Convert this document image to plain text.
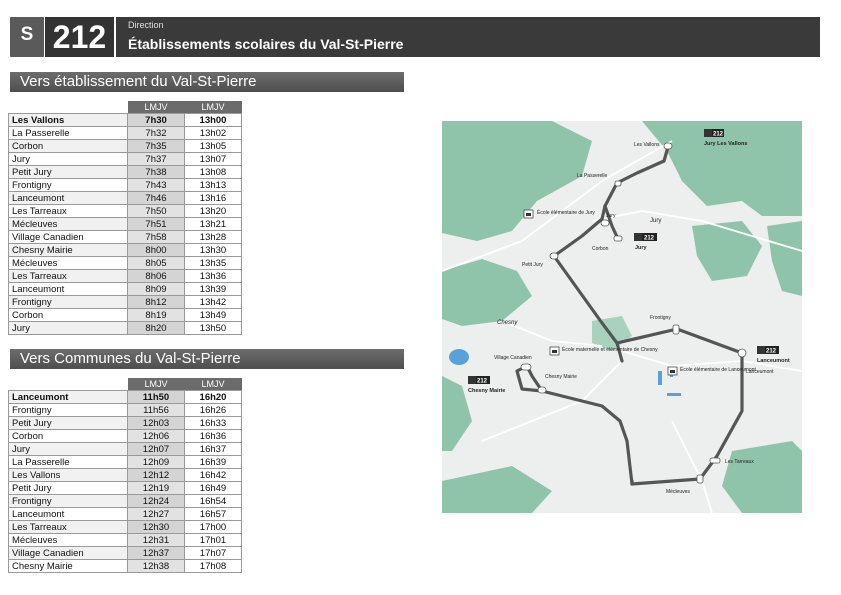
S 212	Direction
Établissements scolaires du Val-St-Pierre
Vers établissement du Val-St-Pierre
	LMJV	LMJV
Les Vallons	7h30	13h00
La Passerelle	7h32	13h02
Corbon	7h35	13h05
Jury	7h37	13h07
Petit Jury	7h38	13h08
Frontigny	7h43	13h13
Lanceumont	7h46	13h16
Les Tarreaux	7h50	13h20
Mécleuves	7h51	13h21
Village Canadien	7h58	13h28
Chesny Mairie	8h00	13h30
Mécleuves	8h05	13h35
Les Tarreaux	8h06	13h36
Lanceumont	8h09	13h39
Frontigny	8h12	13h42
Corbon	8h19	13h49
Jury	8h20	13h50
Vers Communes du Val-St-Pierre
	LMJV	LMJV
Lanceumont	11h50	16h20
Frontigny	11h56	16h26
Petit Jury	12h03	16h33
Corbon	12h06	16h36
Jury	12h07	16h37
La Passerelle	12h09	16h39
Les Vallons	12h12	16h42
Petit Jury	12h19	16h49
Frontigny	12h24	16h54
Lanceumont	12h27	16h57
Les Tarreaux	12h30	17h00
Mécleuves	12h31	17h01
Village Canadien	12h37	17h07
Chesny Mairie	12h38	17h08
Les Vallons
La Passerelle
Jury
Corbon
Petit Jury
Frontigny
Lanceumont
Les Tarreaux
Mécleuves
Village Canadien
Chesny Mairie
Jury
Chesny
École élémentaire de Jury
École maternelle et élémentaire de Chesny
École élémentaire de Lanceumont
212
Jury Les Vallons
212
Jury
212
Lanceumont
212
Chesny Mairie
